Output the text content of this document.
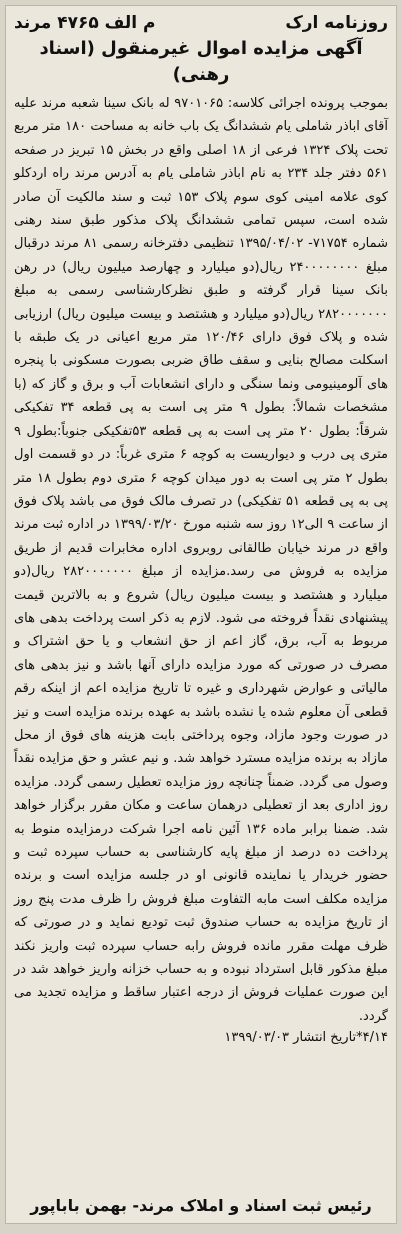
روزنامه ارک
م الف ۴۷۶۵ مرند
آگهی مزایده اموال غیرمنقول (اسناد رهنی)

بموجب پرونده اجرائی کلاسه: ۹۷۰۱۰۶۵ له بانک سینا شعبه مرند علیه آقای اباذر شاملی یام ششدانگ یک باب خانه به مساحت ۱۸۰ متر مربع تحت پلاک ۱۳۲۴ فرعی از ۱۸ اصلی واقع در بخش ۱۵ تبریز در صفحه ۵۶۱ دفتر جلد ۲۳۴ به نام اباذر شاملی یام به آدرس مرند راه اردکلو کوی علامه امینی کوی سوم پلاک ۱۵۳ ثبت و سند مالکیت آن صادر شده است، سپس تمامی ششدانگ پلاک مذکور طبق سند رهنی شماره ۷۱۷۵۴- ۱۳۹۵/۰۴/۰۲ تنظیمی دفترخانه رسمی ۸۱ مرند درقبال مبلغ ۲۴۰۰۰۰۰۰۰۰ ریال(دو میلیارد و چهارصد میلیون ریال) در رهن بانک سینا قرار گرفته و طبق نظرکارشناسی رسمی به مبلغ ۲۸۲۰۰۰۰۰۰۰ ریال(دو میلیارد و هشتصد و بیست میلیون ریال) ارزیابی شده و پلاک فوق دارای ۱۲۰/۴۶ متر مربع اعیانی در یک طبقه با اسکلت مصالح بنایی و سقف طاق ضربی بصورت مسکونی با پنجره های آلومینیومی ونما سنگی و دارای انشعابات آب و برق و گاز که (با مشخصات شمالاً: بطول ۹ متر پی است به پی قطعه ۳۴ تفکیکی شرقاً: بطول ۲۰ متر پی است به پی قطعه ۵۳تفکیکی جنوباً:بطول ۹ متری پی درب و دیواریست به کوچه ۶ متری غرباً: در دو قسمت اول بطول ۲ متر پی است به دور میدان کوچه ۶ متری دوم بطول ۱۸ متر پی به پی قطعه ۵۱ تفکیکی) در تصرف مالک فوق می باشد پلاک فوق از ساعت ۹ الی۱۲ روز سه شنبه مورخ ۱۳۹۹/۰۳/۲۰ در اداره ثبت مرند واقع در مرند خیابان طالقانی روبروی اداره مخابرات قدیم از طریق مزایده به فروش می رسد.مزایده از مبلغ ۲۸۲۰۰۰۰۰۰۰ ریال(دو میلیارد و هشتصد و بیست میلیون ریال) شروع و به بالاترین قیمت پیشنهادی نقداً فروخته می شود. لازم به ذکر است پرداخت بدهی های مربوط به آب، برق، گاز اعم از حق انشعاب و یا حق اشتراک و مصرف در صورتی که مورد مزایده دارای آنها باشد و نیز بدهی های مالیاتی و عوارض شهرداری و غیره تا تاریخ مزایده اعم از اینکه رقم قطعی آن معلوم شده یا نشده باشد به عهده برنده مزایده است و نیز در صورت وجود مازاد، وجوه پرداختی بابت هزینه های فوق از محل مازاد به برنده مزایده مسترد خواهد شد. و نیم عشر و حق مزایده نقداً وصول می گردد. ضمناً چنانچه روز مزایده تعطیل رسمی گردد. مزایده روز اداری بعد از تعطیلی درهمان ساعت و مکان مقرر برگزار خواهد شد. ضمنا برابر ماده ۱۳۶ آئین نامه اجرا شرکت درمزایده منوط به پرداخت ده درصد از مبلغ پایه کارشناسی به حساب سپرده ثبت و حضور خریدار یا نماینده قانونی او در جلسه مزایده است و برنده مزایده مکلف است مابه التفاوت مبلغ فروش را ظرف مدت پنج روز از تاریخ مزایده به حساب صندوق ثبت تودیع نماید و در صورتی که ظرف مهلت مقرر مانده فروش رابه حساب سپرده ثبت واریز نکند مبلغ مذکور قابل استرداد نبوده و به حساب خزانه واریز خواهد شد در این صورت عملیات فروش از درجه اعتبار ساقط و مزایده تجدید می گردد.

۴/۱۴*تاریخ انتشار ۱۳۹۹/۰۳/۰۳
رئیس ثبت اسناد و املاک مرند- بهمن باباپور
